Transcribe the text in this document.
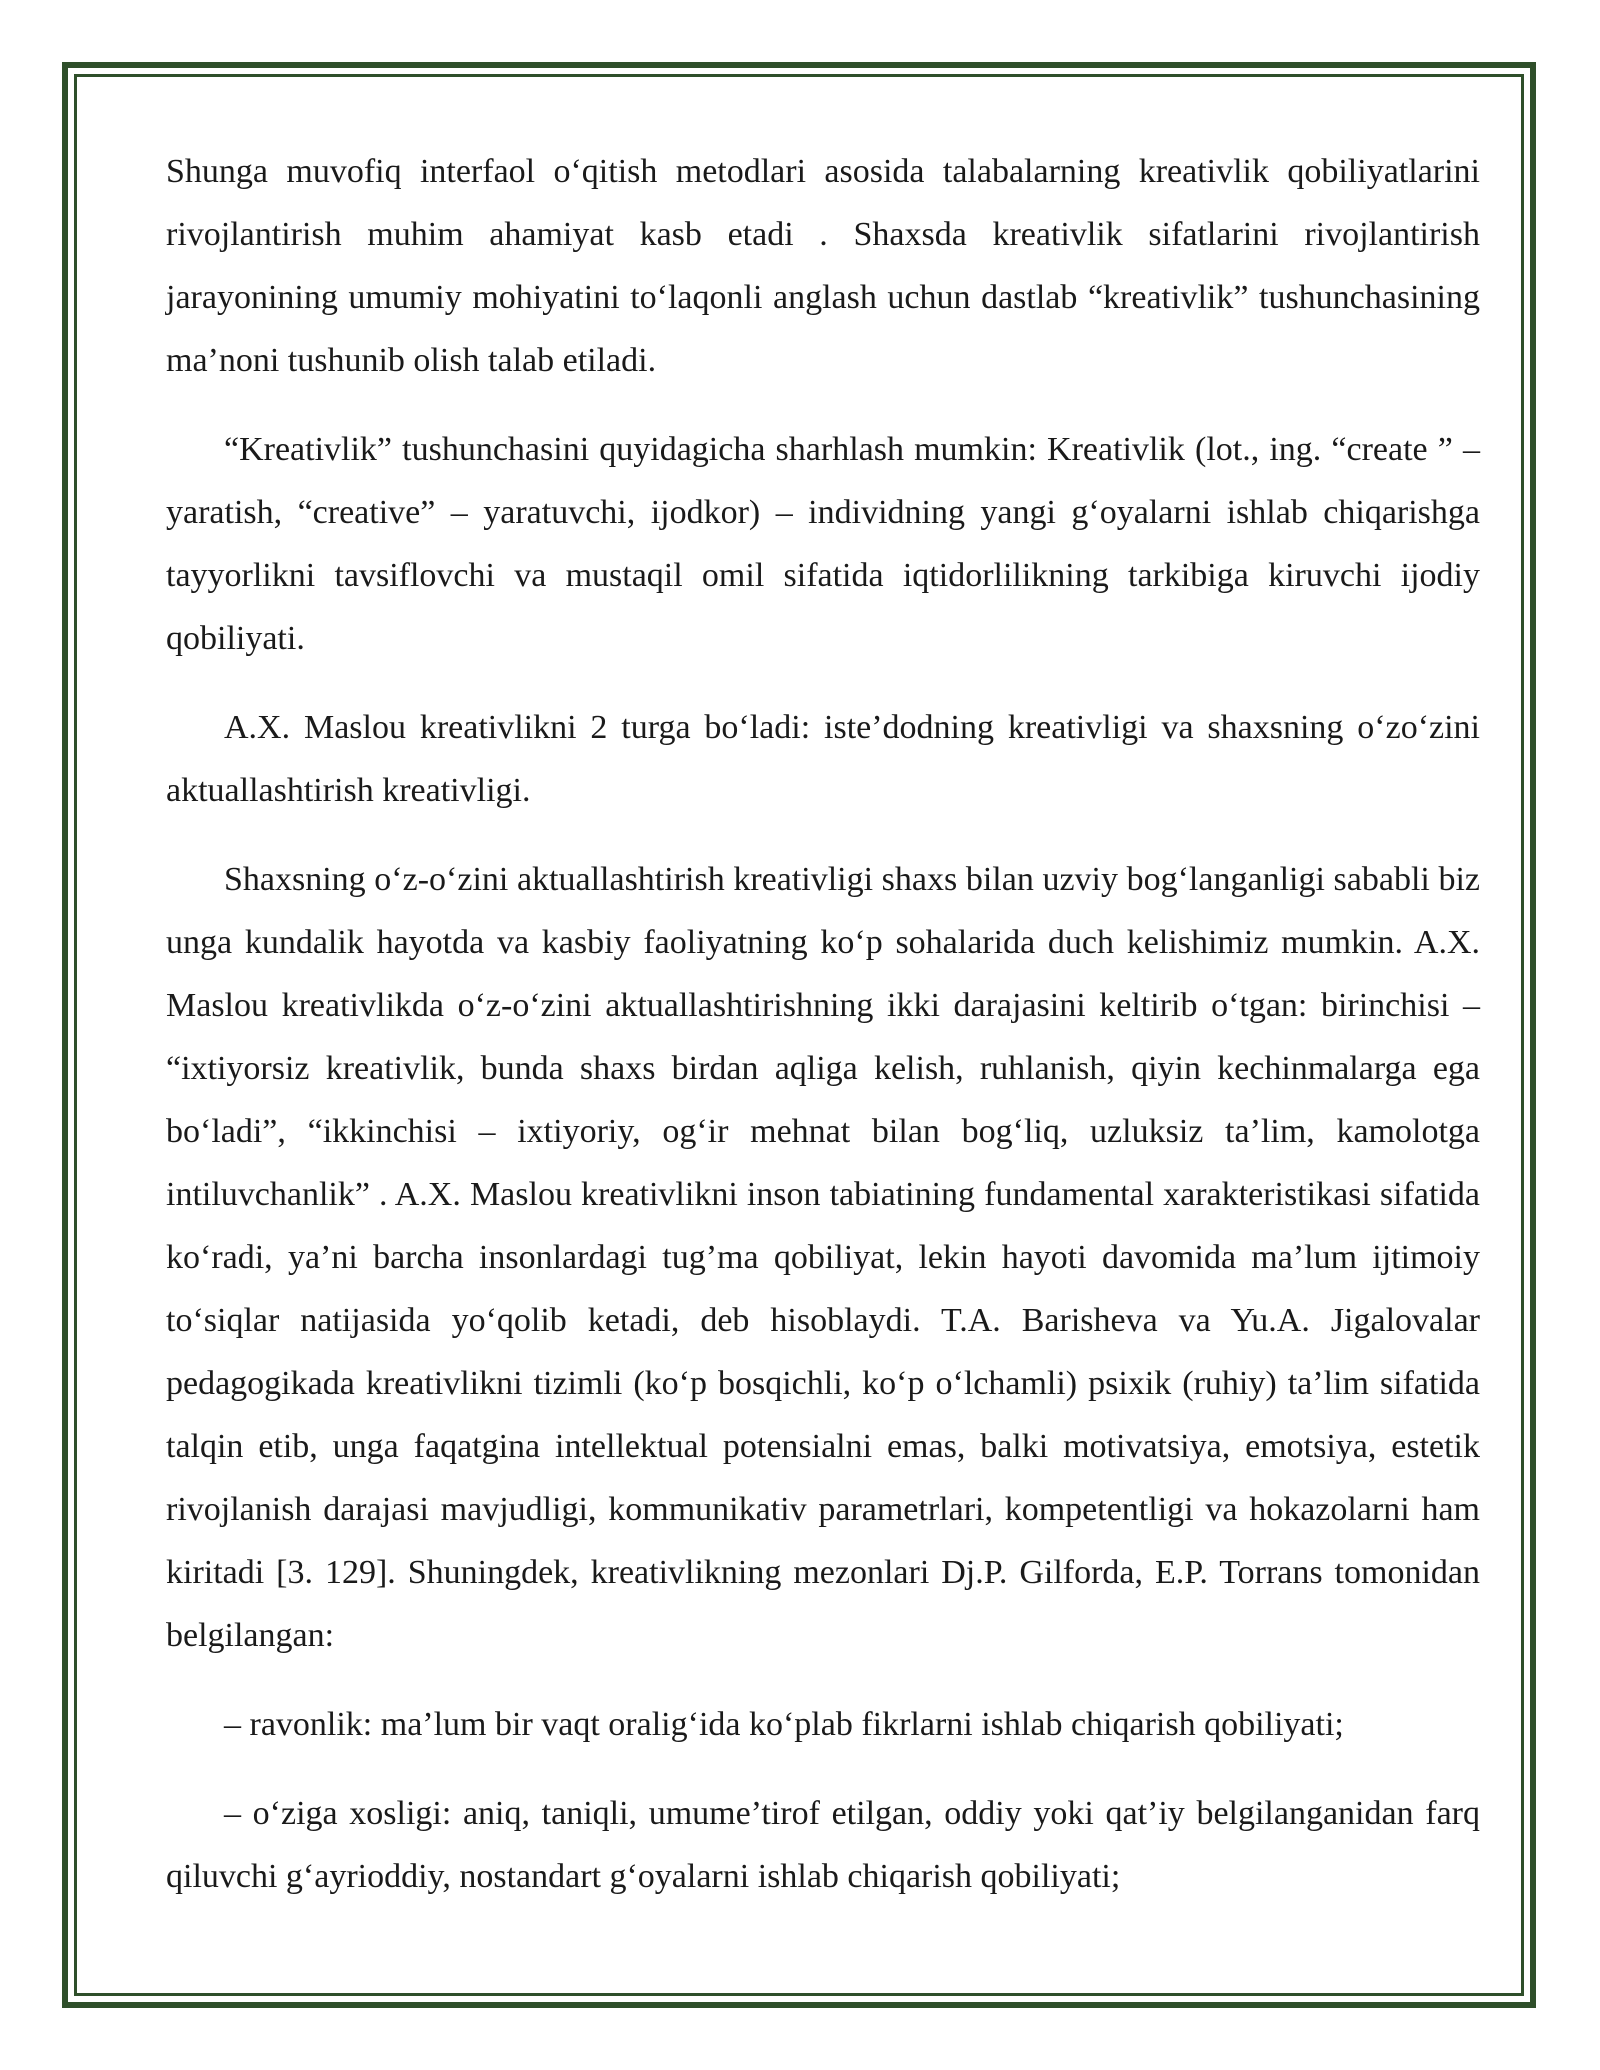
Shunga muvofiq interfaol o‘qitish metodlari asosida talabalarning kreativlik qobiliyatlarini rivojlantirish muhim ahamiyat kasb etadi . Shaxsda kreativlik sifatlarini rivojlantirish jarayonining umumiy mohiyatini to‘laqonli anglash uchun dastlab “kreativlik” tushunchasining ma’noni tushunib olish talab etiladi.

“Kreativlik” tushunchasini quyidagicha sharhlash mumkin: Kreativlik (lot., ing. “create ” – yaratish, “creative” – yaratuvchi, ijodkor) – individning yangi g‘oyalarni ishlab chiqarishga tayyorlikni tavsiflovchi va mustaqil omil sifatida iqtidorlilikning tarkibiga kiruvchi ijodiy qobiliyati.

A.X. Maslou kreativlikni 2 turga bo‘ladi: iste’dodning kreativligi va shaxsning o‘zo‘zini aktuallashtirish kreativligi.

Shaxsning o‘z-o‘zini aktuallashtirish kreativligi shaxs bilan uzviy bog‘langanligi sababli biz unga kundalik hayotda va kasbiy faoliyatning ko‘p sohalarida duch kelishimiz mumkin. A.X. Maslou kreativlikda o‘z-o‘zini aktuallashtirishning ikki darajasini keltirib o‘tgan: birinchisi – “ixtiyorsiz kreativlik, bunda shaxs birdan aqliga kelish, ruhlanish, qiyin kechinmalarga ega bo‘ladi”, “ikkinchisi – ixtiyoriy, og‘ir mehnat bilan bog‘liq, uzluksiz ta’lim, kamolotga intiluvchanlik” . A.X. Maslou kreativlikni inson tabiatining fundamental xarakteristikasi sifatida ko‘radi, ya’ni barcha insonlardagi tug’ma qobiliyat, lekin hayoti davomida ma’lum ijtimoiy to‘siqlar natijasida yo‘qolib ketadi, deb hisoblaydi. T.A. Barisheva va Yu.A. Jigalovalar pedagogikada kreativlikni tizimli (ko‘p bosqichli, ko‘p o‘lchamli) psixik (ruhiy) ta’lim sifatida talqin etib, unga faqatgina intellektual potensialni emas, balki motivatsiya, emotsiya, estetik rivojlanish darajasi mavjudligi, kommunikativ parametrlari, kompetentligi va hokazolarni ham kiritadi [3. 129]. Shuningdek, kreativlikning mezonlari Dj.P. Gilforda, E.P. Torrans tomonidan belgilangan:

– ravonlik: ma’lum bir vaqt oralig‘ida ko‘plab fikrlarni ishlab chiqarish qobiliyati;

– o‘ziga xosligi: aniq, taniqli, umume’tirof etilgan, oddiy yoki qat’iy belgilanganidan farq qiluvchi g‘ayrioddiy, nostandart g‘oyalarni ishlab chiqarish qobiliyati;
